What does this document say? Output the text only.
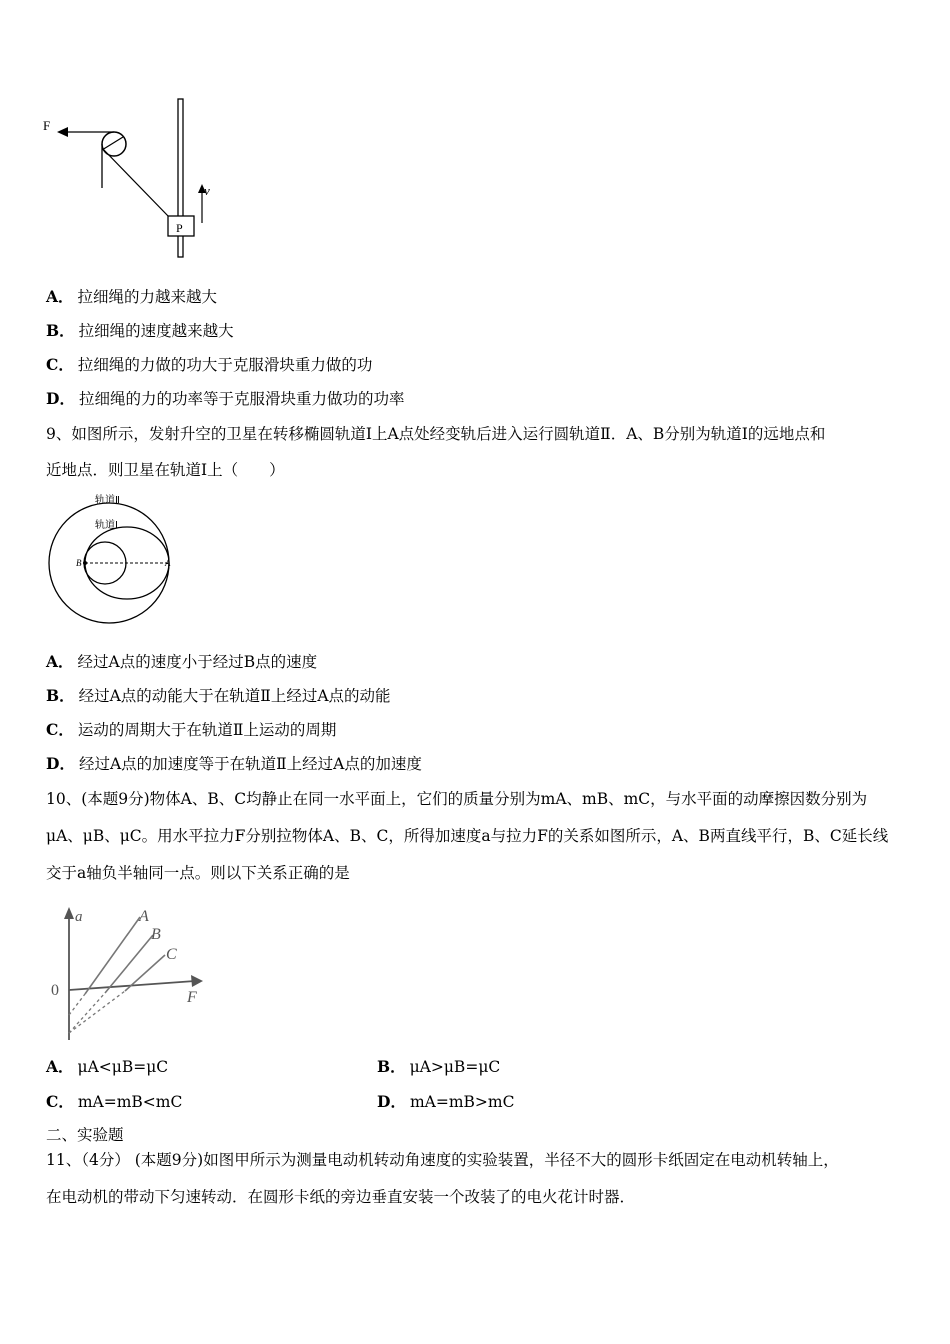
F
v
P
A． 拉细绳的力越来越大
B． 拉细绳的速度越来越大
C． 拉细绳的力做的功大于克服滑块重力做的功
D． 拉细绳的力的功率等于克服滑块重力做功的功率
9、如图所示，发射升空的卫星在转移椭圆轨道Ⅰ上A点处经变轨后进入运行圆轨道Ⅱ．A、B分别为轨道Ⅰ的远地点和
近地点．则卫星在轨道Ⅰ上（　　）
轨道Ⅱ
轨道Ⅰ
B	A
A． 经过A点的速度小于经过B点的速度
B． 经过A点的动能大于在轨道Ⅱ上经过A点的动能
C． 运动的周期大于在轨道Ⅱ上运动的周期
D． 经过A点的加速度等于在轨道Ⅱ上经过A点的加速度
10、(本题9分)物体A、B、C均静止在同一水平面上，它们的质量分别为mA、mB、mC，与水平面的动摩擦因数分别为
μA、μB、μC。用水平拉力F分别拉物体A、B、C，所得加速度a与拉力F的关系如图所示，A、B两直线平行，B、C延长线
交于a轴负半轴同一点。则以下关系正确的是
a
F
0
A
B
C
A． μA<μB=μC	B． μA>μB=μC
C． mA=mB<mC	D． mA=mB>mC
二、实验题
11、（4分） (本题9分)如图甲所示为测量电动机转动角速度的实验装置，半径不大的圆形卡纸固定在电动机转轴上，
在电动机的带动下匀速转动．在圆形卡纸的旁边垂直安装一个改装了的电火花计时器．
